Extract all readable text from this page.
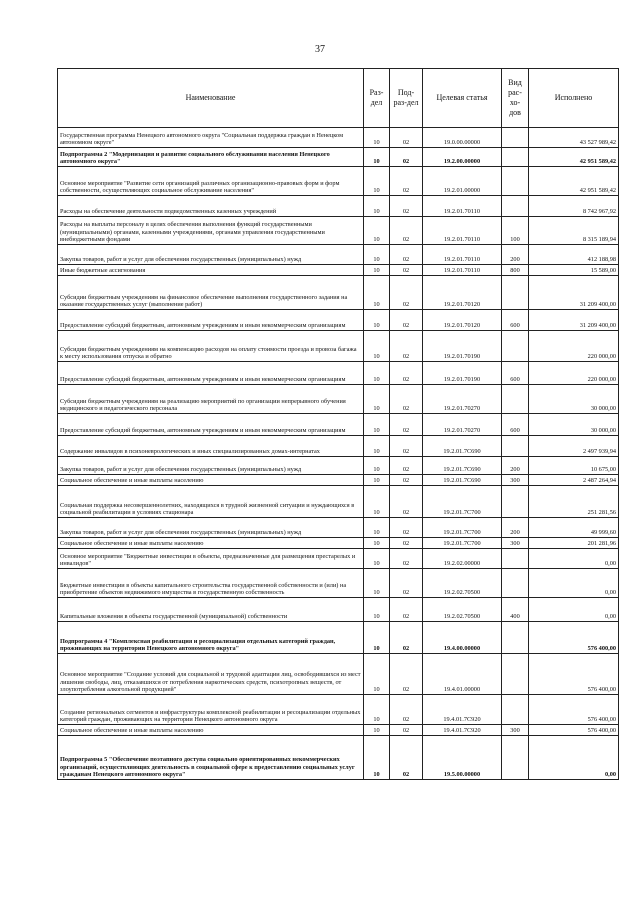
37
Наименование	Раз-дел	Под-раз-дел	Целевая статья	Вид рас-хо-дов	Исполнено
Государственная программа Ненецкого автономного округа "Социальная поддержка граждан в Ненецком автономном округе"	10	02	19.0.00.00000		43 527 989,42
Подпрограмма 2 "Модернизация и развитие социального обслуживания населения Ненецкого автономного округа"	10	02	19.2.00.00000		42 951 589,42
Основное мероприятие "Развитие сети организаций различных организационно-правовых форм и форм собственности, осуществляющих социальное обслуживание населения"	10	02	19.2.01.00000		42 951 589,42
Расходы на обеспечение деятельности подведомственных казенных учреждений	10	02	19.2.01.70110		8 742 967,92
Расходы на выплаты персоналу в целях обеспечения выполнения функций государственными (муниципальными) органами, казенными учреждениями, органами управления государственными внебюджетными фондами	10	02	19.2.01.70110	100	8 315 189,94
Закупка товаров, работ и услуг для обеспечения государственных (муниципальных) нужд	10	02	19.2.01.70110	200	412 188,98
Иные бюджетные ассигнования	10	02	19.2.01.70110	800	15 589,00
Субсидии бюджетным учреждениям на финансовое обеспечение выполнения государственного задания на оказание государственных услуг (выполнение работ)	10	02	19.2.01.70120		31 209 400,00
Предоставление субсидий бюджетным, автономным учреждениям и иным некоммерческим организациям	10	02	19.2.01.70120	600	31 209 400,00
Субсидии бюджетным учреждениям на компенсацию расходов на оплату стоимости проезда и провоза багажа к месту использования отпуска и обратно	10	02	19.2.01.70190		220 000,00
Предоставление субсидий бюджетным, автономным учреждениям и иным некоммерческим организациям	10	02	19.2.01.70190	600	220 000,00
Субсидии бюджетным учреждениям на реализацию мероприятий по организации непрерывного обучения медицинского и педагогического персонала	10	02	19.2.01.70270		30 000,00
Предоставление субсидий бюджетным, автономным учреждениям и иным некоммерческим организациям	10	02	19.2.01.70270	600	30 000,00
Содержание инвалидов в психоневрологических и иных специализированных домах-интернатах	10	02	19.2.01.7C690		2 497 939,94
Закупка товаров, работ и услуг для обеспечения государственных (муниципальных) нужд	10	02	19.2.01.7C690	200	10 675,00
Социальное обеспечение и иные выплаты населению	10	02	19.2.01.7C690	300	2 487 264,94
Социальная поддержка несовершеннолетних, находящихся в трудной жизненной ситуации и нуждающихся в социальной реабилитации в условиях стационара	10	02	19.2.01.7C700		251 281,56
Закупка товаров, работ и услуг для обеспечения государственных (муниципальных) нужд	10	02	19.2.01.7C700	200	49 999,60
Социальное обеспечение и иные выплаты населению	10	02	19.2.01.7C700	300	201 281,96
Основное мероприятие "Бюджетные инвестиции в объекты, предназначенные для размещения престарелых и инвалидов"	10	02	19.2.02.00000		0,00
Бюджетные инвестиции в объекты капитального строительства государственной собственности и (или) на приобретение объектов недвижимого имущества в государственную собственность	10	02	19.2.02.70500		0,00
Капитальные вложения в объекты государственной (муниципальной) собственности	10	02	19.2.02.70500	400	0,00
Подпрограмма 4 "Комплексная реабилитация и ресоциализация отдельных категорий граждан, проживающих на территории Ненецкого автономного округа"	10	02	19.4.00.00000		576 400,00
Основное мероприятие "Создание условий для социальной и трудовой адаптации лиц, освободившихся из мест лишения свободы, лиц, отказавшихся от потребления наркотических средств, психотропных веществ, от злоупотребления алкогольной продукцией"	10	02	19.4.01.00000		576 400,00
Создание региональных сегментов и инфраструктуры комплексной реабилитации и ресоциализации отдельных категорий граждан, проживающих на территории Ненецкого автономного округа	10	02	19.4.01.7C920		576 400,00
Социальное обеспечение и иные выплаты населению	10	02	19.4.01.7C920	300	576 400,00
Подпрограмма 5 "Обеспечение поэтапного доступа социально ориентированных некоммерческих организаций, осуществляющих деятельность в социальной сфере к предоставлению социальных услуг гражданам Ненецкого автономного округа"	10	02	19.5.00.00000		0,00
